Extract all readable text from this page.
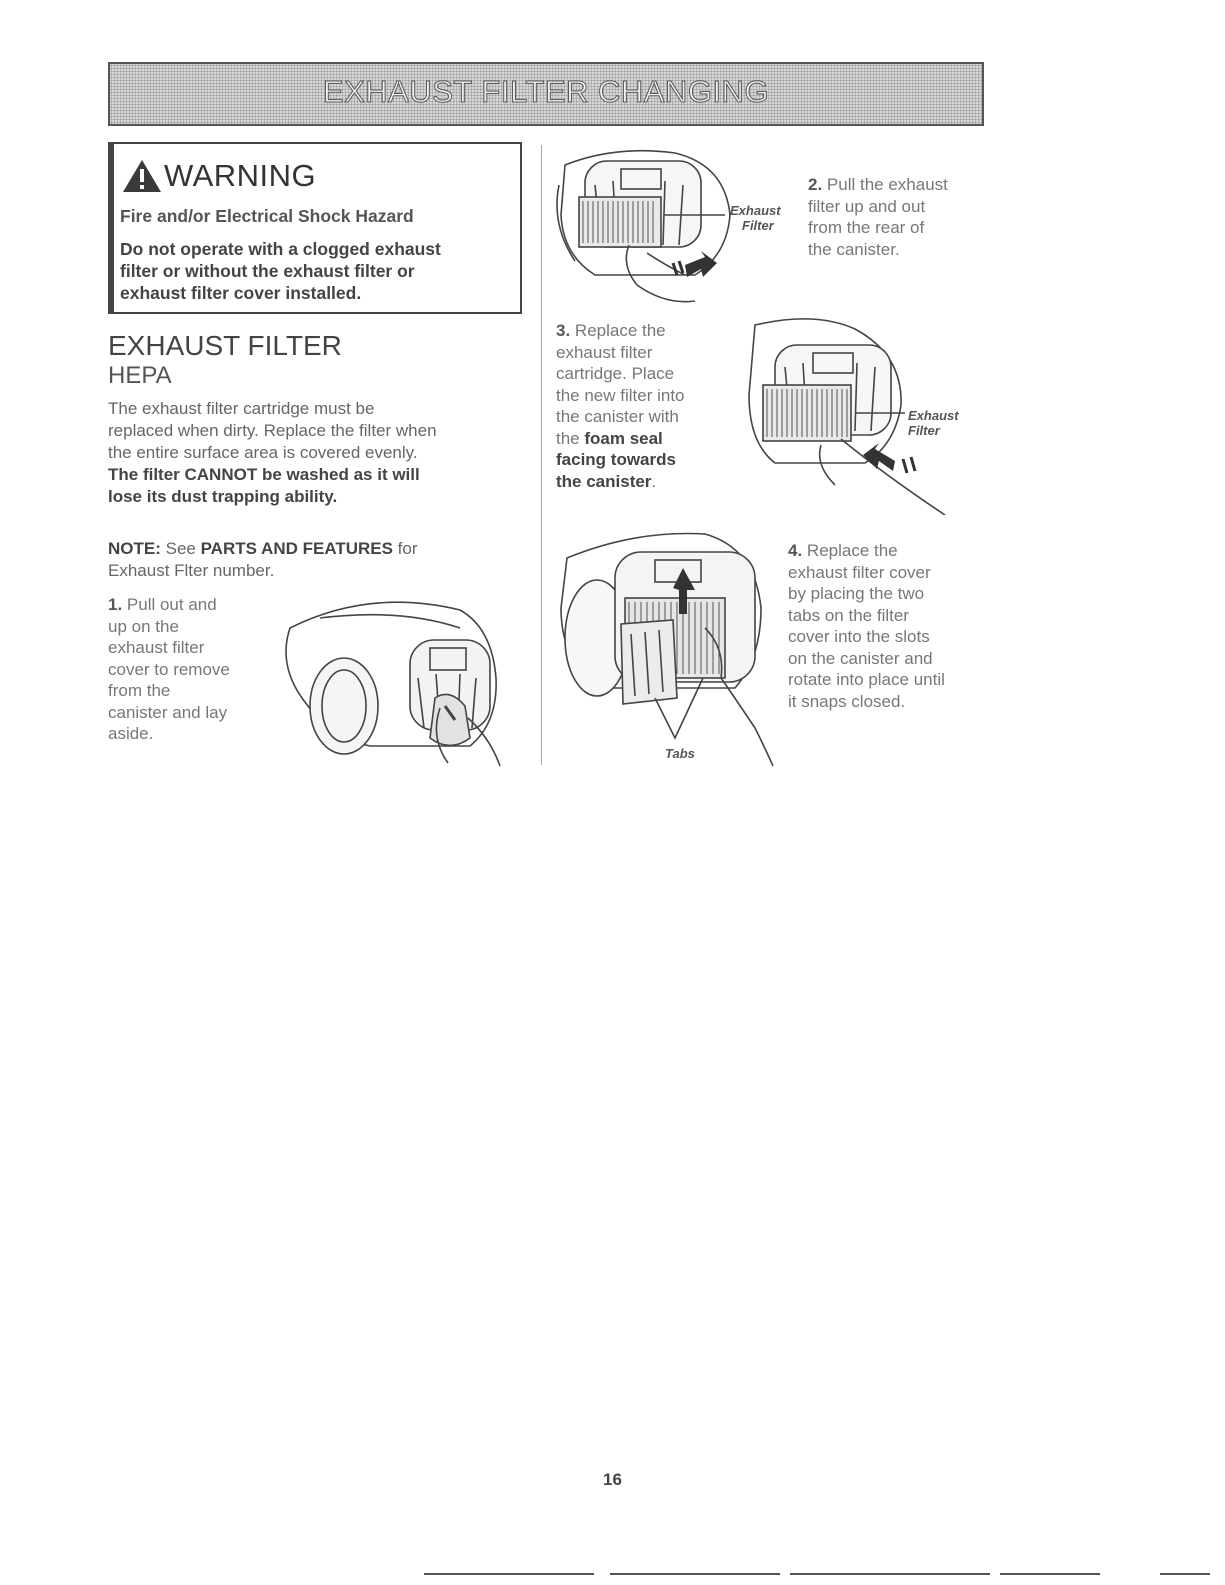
EXHAUST FILTER CHANGING
WARNING
Fire and/or Electrical Shock Hazard
Do not operate with a clogged exhaust
filter or without the exhaust filter or
exhaust filter cover installed.
EXHAUST FILTER
HEPA
The exhaust filter cartridge must be
replaced when dirty. Replace the filter when
the entire surface area is covered evenly.
The filter CANNOT be washed as it will
lose its dust trapping ability.
NOTE: See PARTS AND FEATURES for
Exhaust Flter number.
1. Pull out and
up on the
exhaust filter
cover to remove
from the
canister and lay
aside.
Exhaust
Filter
2. Pull the exhaust
filter up and out
from the rear of
the canister.
3. Replace the
exhaust filter
cartridge. Place
the new filter into
the canister with
the foam seal
facing towards
the canister.
Exhaust
Filter
Tabs
4. Replace the
exhaust filter cover
by placing the two
tabs on the filter
cover into the slots
on the canister and
rotate into place until
it snaps closed.
16
